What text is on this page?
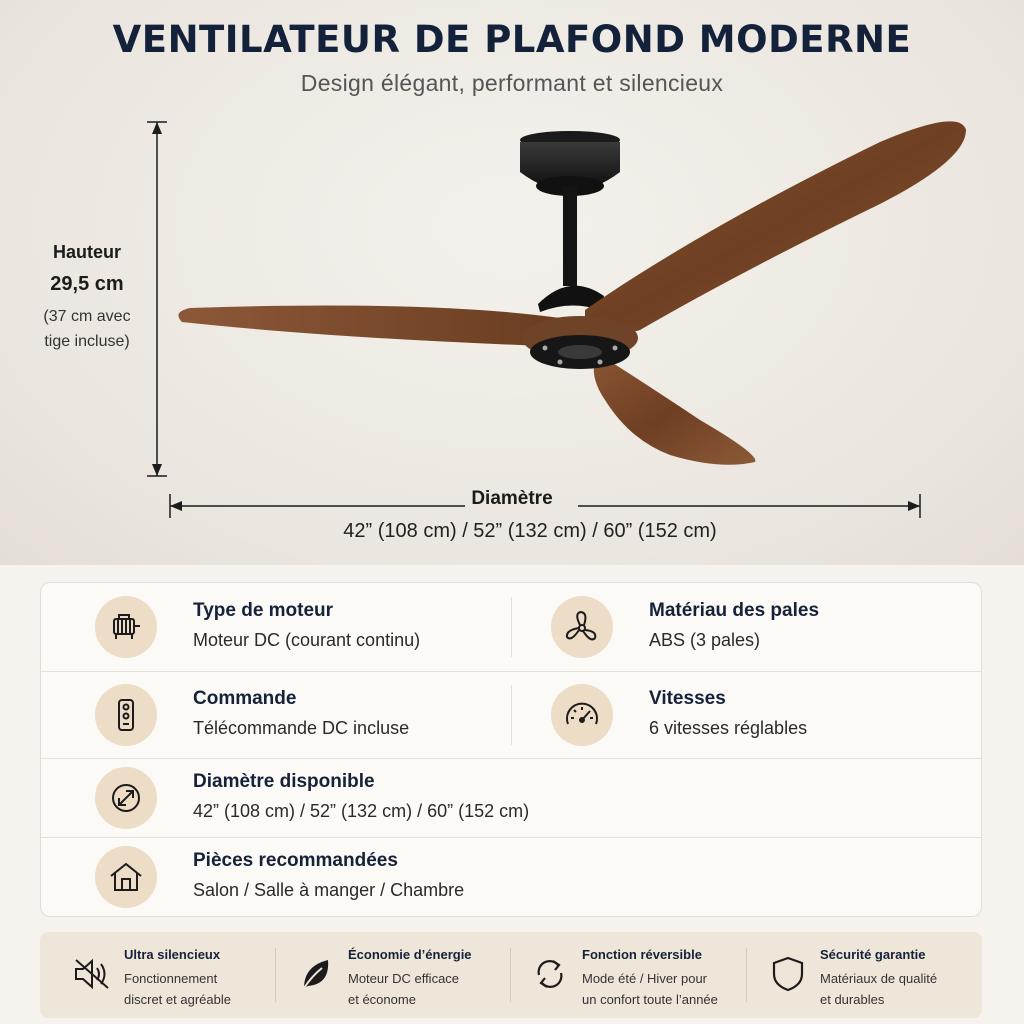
VENTILATEUR DE PLAFOND MODERNE
Design élégant, performant et silencieux
Hauteur
29,5 cm
(37 cm avec
tige incluse)
Diamètre
42” (108 cm) / 52” (132 cm) / 60” (152 cm)
Type de moteur
Moteur DC (courant continu)
Matériau des pales
ABS (3 pales)
Commande
Télécommande DC incluse
Vitesses
6 vitesses réglables
Diamètre disponible
42” (108 cm) / 52” (132 cm) / 60” (152 cm)
Pièces recommandées
Salon / Salle à manger / Chambre
Ultra silencieux
Fonctionnement
discret et agréable
Économie d’énergie
Moteur DC efficace
et économe
Fonction réversible
Mode été / Hiver pour
un confort toute l’année
Sécurité garantie
Matériaux de qualité
et durables
